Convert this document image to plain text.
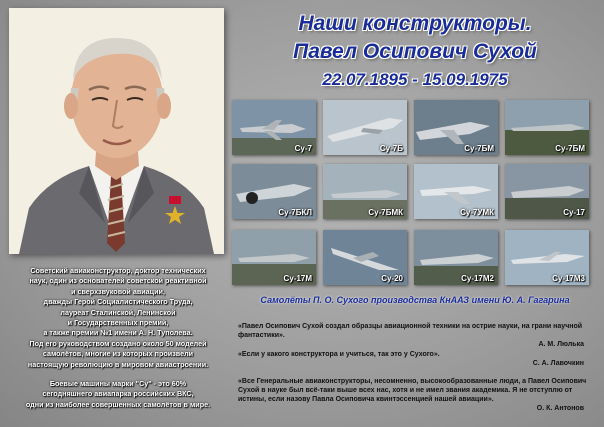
Наши конструкторы.
Павел Осипович Сухой
22.07.1895 - 15.09.1975
Су-7	Су-7Б	Су-7БМ	Су-7БМ
Су-7БКЛ	Су-7БМК	Су-7УМК	Су-17
Су-17М	Су-20	Су-17М2	Су-17М3
Самолёты П. О. Сухого производства КнААЗ имени Ю. А. Гагарина

Советский авиаконструктор, доктор технических

наук, один из основателей советской реактивной

и сверхзвуковой авиации,

дважды Герой Социалистического Труда,

лауреат Сталинской, Ленинской

и Государственных премий,

а также премии №1 имени А. Н. Туполева.

Под его руководством создано около 50 моделей

самолётов, многие из которых произвели

настоящую революцию в мировом авиастроении.

Боевые машины марки "Су" - это 60%

сегодняшнего авиапарка российских ВКС,

одни из наиболее совершенных самолётов в мире.

«Павел Осипович Сухой создал образцы авиационной техники на острие науки, на грани научной фантастики».
А. М. Люлька
«Если у какого конструктора и учиться, так это у Сухого».
С. А. Лавочкин
«Все Генеральные авиаконструкторы, несомненно, высокообразованные люди, а Павел Осипович Сухой в науке был всё-таки выше всех нас, хотя и не имел звания академика. Я не отступлю от истины, если назову Павла Осиповича квинтэссенцией нашей авиации».
О. К. Антонов
